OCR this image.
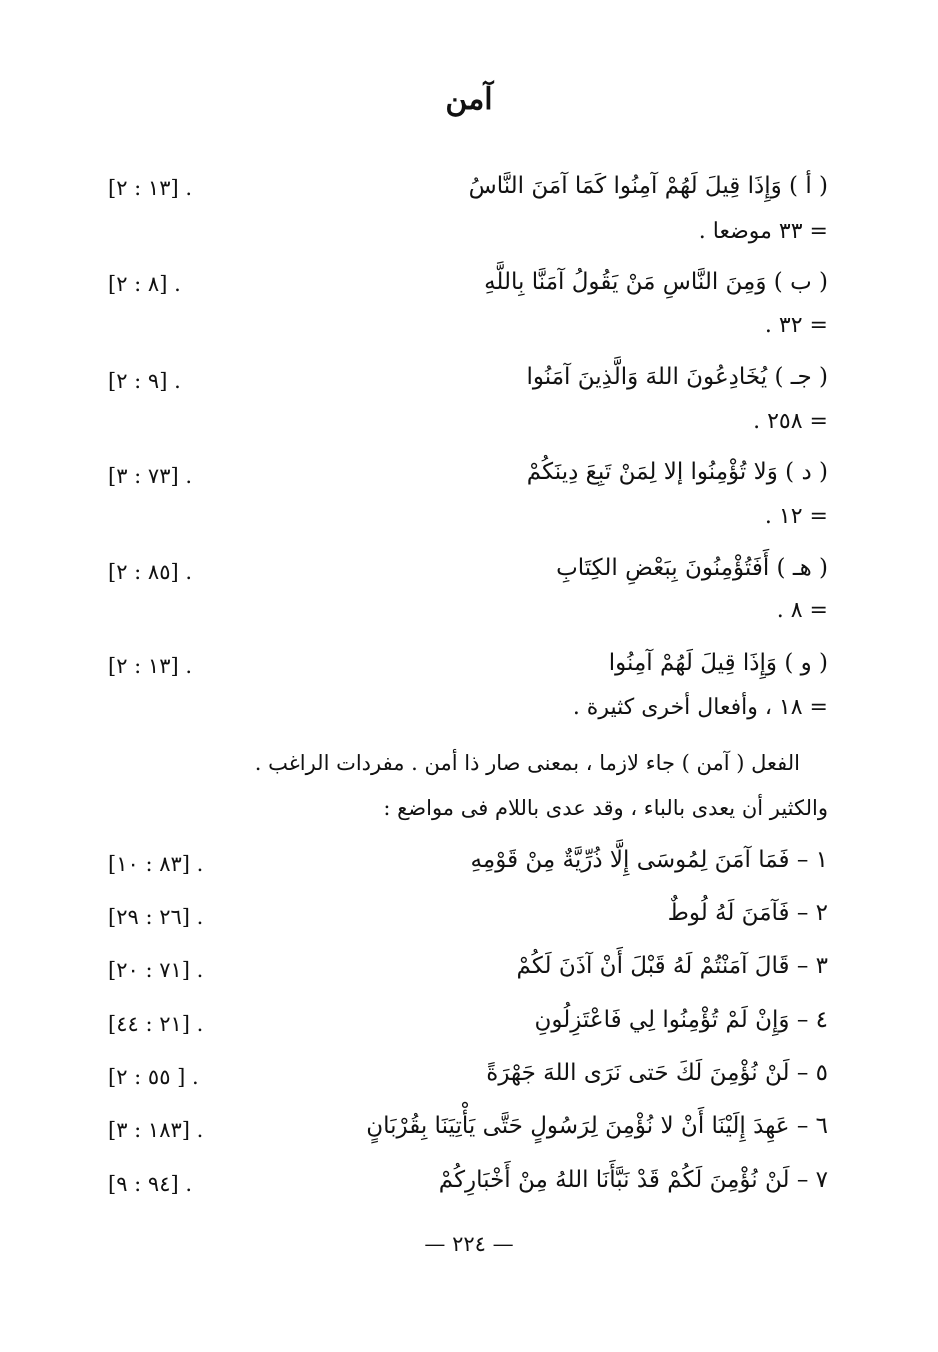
آمن
( أ ) وَإِذَا قِيلَ لَهُمْ آمِنُوا كَمَا آمَنَ النَّاسُ
. [١٣ : ٢]
= ٣٣ موضعا .
( ب ) وَمِنَ النَّاسِ مَنْ يَقُولُ آمَنَّا بِاللَّهِ
. [٨ : ٢]
= ٣٢ .
( جـ ) يُخَادِعُونَ اللهَ وَالَّذِينَ آمَنُوا
. [٩ : ٢]
= ٢٥٨ .
( د ) وَلا تُؤْمِنُوا إلا لِمَنْ تَبِعَ دِينَكُمْ
. [٧٣ : ٣]
= ١٢ .
( هـ ) أَفَتُؤْمِنُونَ بِبَعْضِ الكِتَابِ
. [٨٥ : ٢]
= ٨ .
( و ) وَإِذَا قِيلَ لَهُمْ آمِنُوا
. [١٣ : ٢]
= ١٨ ، وأفعال أخرى كثيرة .
الفعل ( آمن ) جاء لازما ، بمعنى صار ذا أمن . مفردات الراغب .
والكثير أن يعدى بالباء ، وقد عدى باللام فى مواضع :
١ – فَمَا آمَنَ لِمُوسَى إِلَّا ذُرِّيَّةٌ مِنْ قَوْمِهِ
. [٨٣ : ١٠]
٢ – فَآمَنَ لَهُ لُوطٌ
. [٢٦ : ٢٩]
٣ – قَالَ آمَنْتُمْ لَهُ قَبْلَ أَنْ آذَنَ لَكُمْ
. [٧١ : ٢٠]
٤ – وَإِنْ لَمْ تُؤْمِنُوا لِي فَاعْتَزِلُونِ
. [٢١ : ٤٤]
٥ – لَنْ نُؤْمِنَ لَكَ حَتى نَرَى اللهَ جَهْرَةً
. [ ٥٥ : ٢]
٦ – عَهِدَ إِلَيْنَا أَنْ لا نُؤْمِنَ لِرَسُولٍ حَتَّى يَأْتِيَنَا بِقُرْبَانٍ
. [١٨٣ : ٣]
٧ – لَنْ نُؤْمِنَ لَكُمْ قَدْ نَبَّأَنَا اللهُ مِنْ أَخْبَارِكُمْ
. [٩٤ : ٩]
— ٢٢٤ —
